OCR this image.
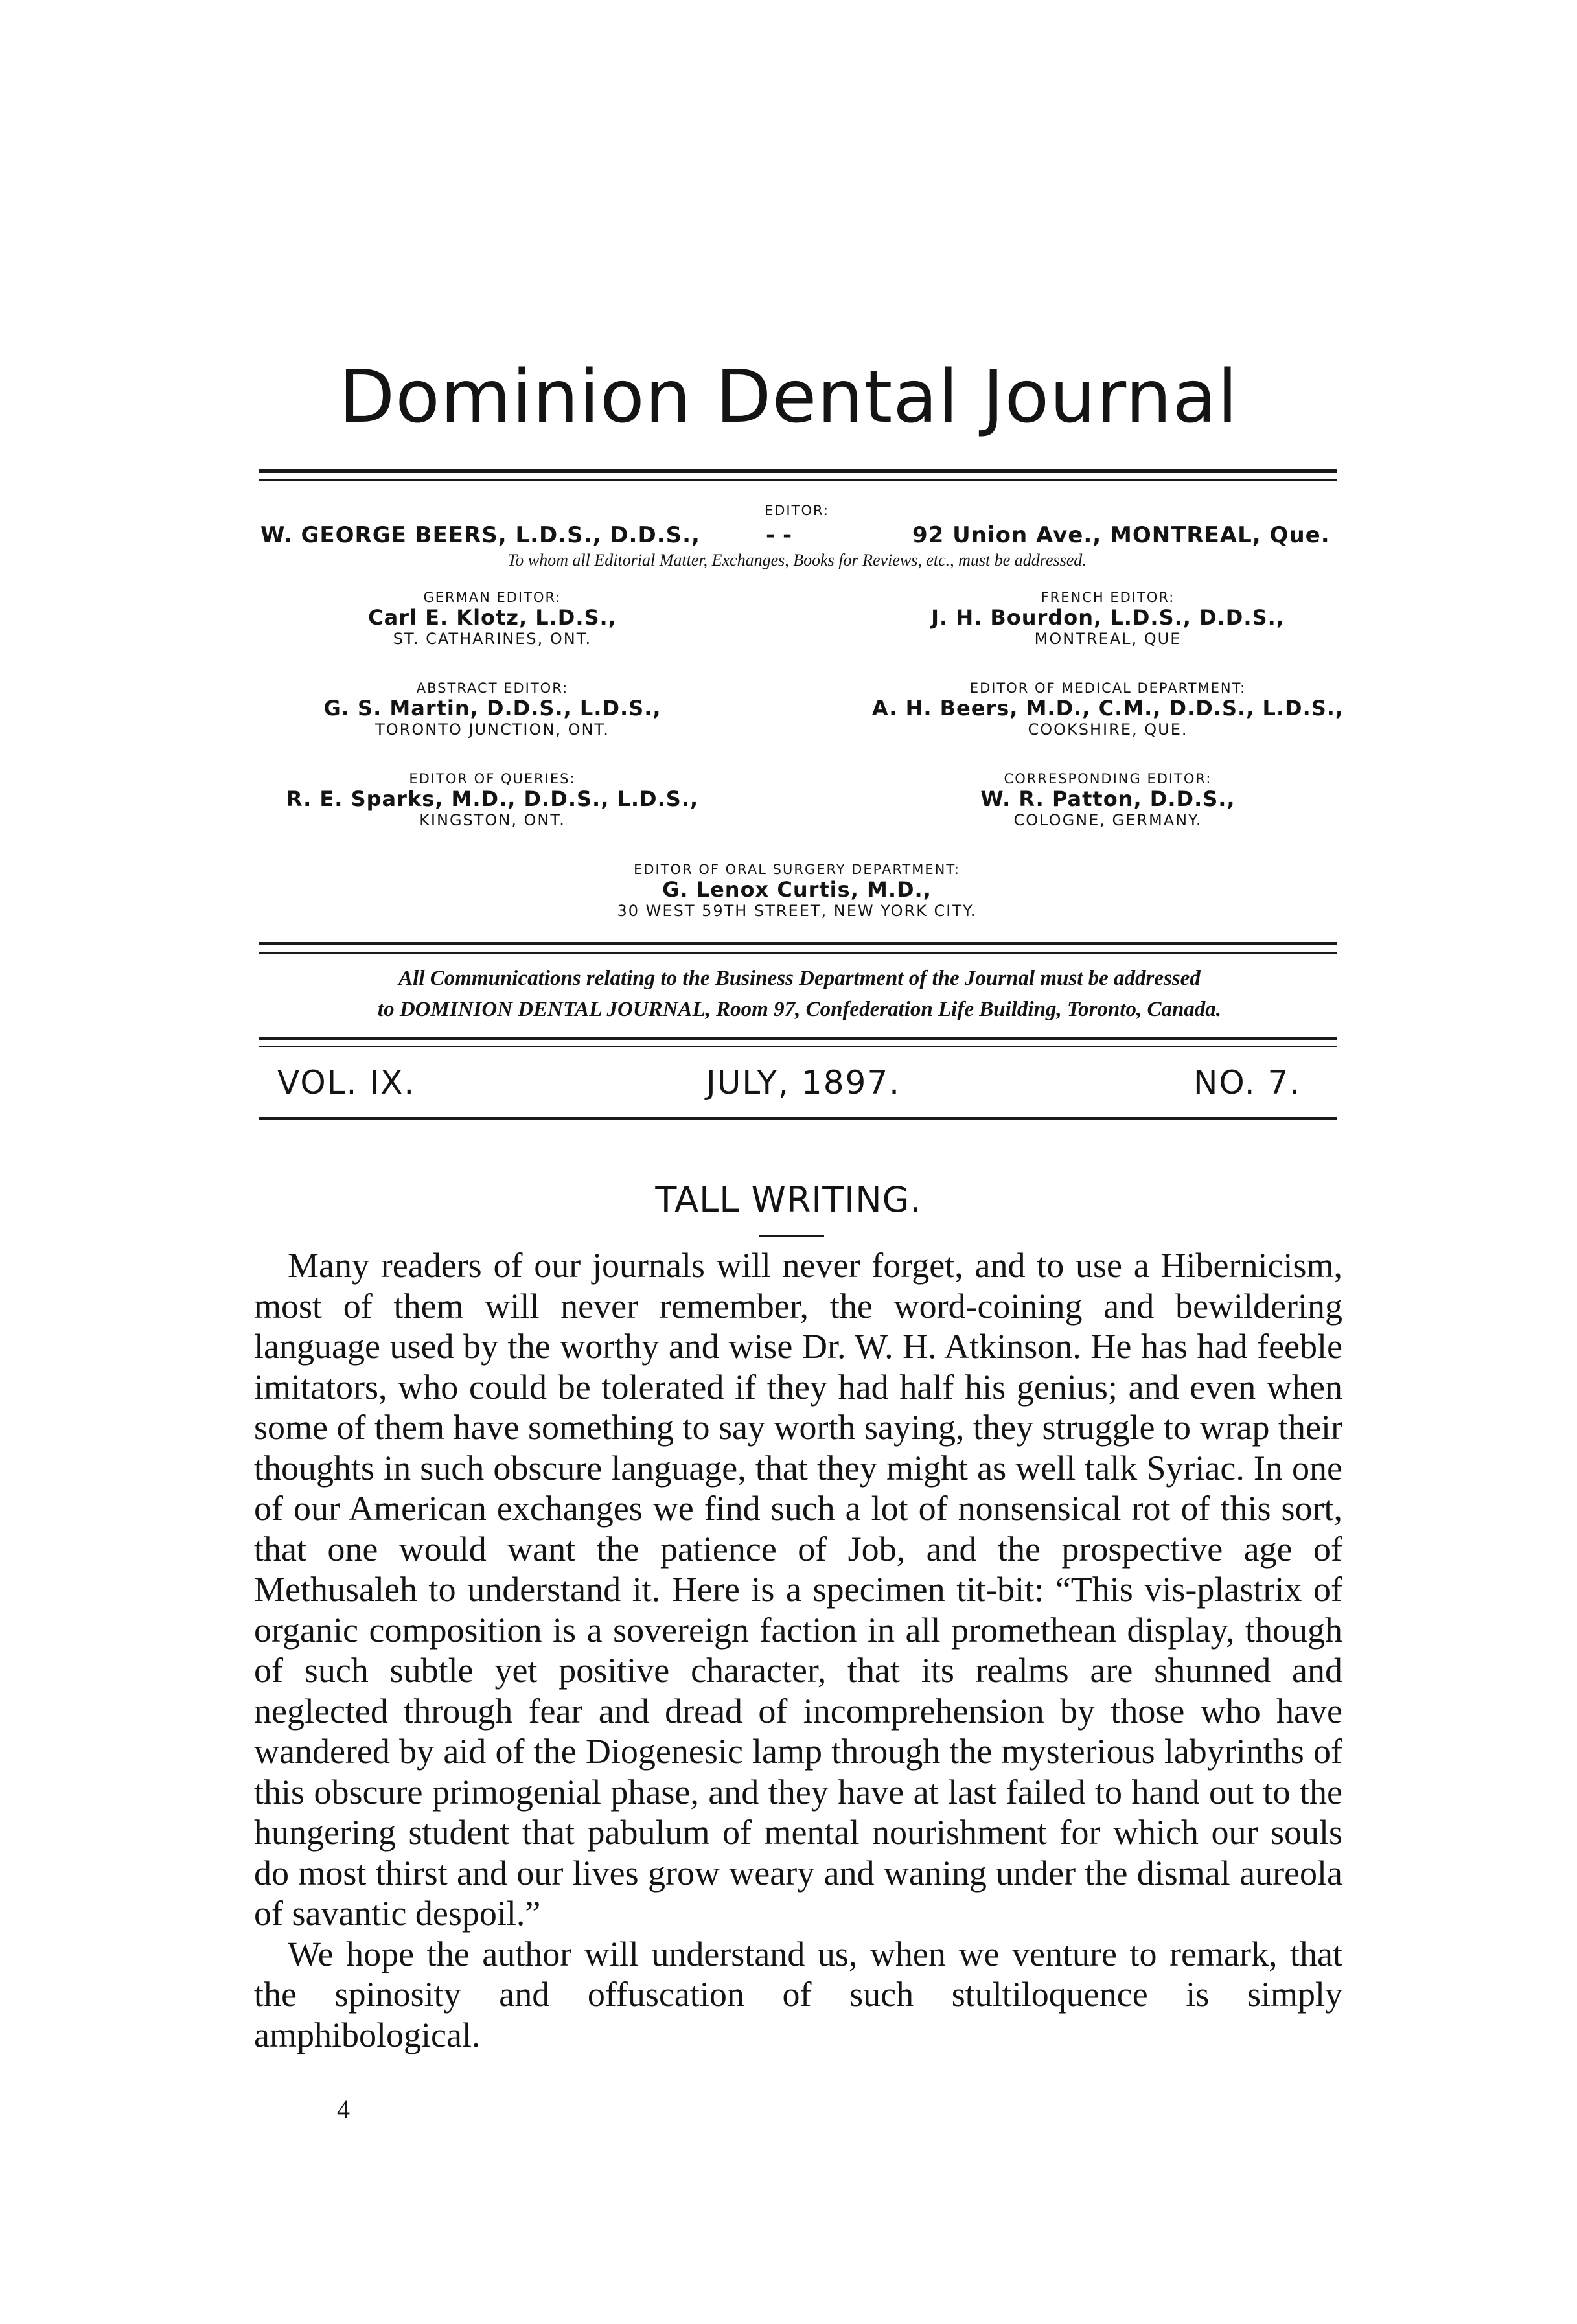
Dominion Dental Journal
EDITOR:
W. GEORGE BEERS, L.D.S., D.D.S.,	- -	92 Union Ave., MONTREAL, Que.
To whom all Editorial Matter, Exchanges, Books for Reviews, etc., must be addressed.
GERMAN EDITOR:
Carl E. Klotz, L.D.S.,
ST. CATHARINES, ONT.
FRENCH EDITOR:
J. H. Bourdon, L.D.S., D.D.S.,
MONTREAL, QUE
ABSTRACT EDITOR:
G. S. Martin, D.D.S., L.D.S.,
TORONTO JUNCTION, ONT.
EDITOR OF MEDICAL DEPARTMENT:
A. H. Beers, M.D., C.M., D.D.S., L.D.S.,
COOKSHIRE, QUE.
EDITOR OF QUERIES:
R. E. Sparks, M.D., D.D.S., L.D.S.,
KINGSTON, ONT.
CORRESPONDING EDITOR:
W. R. Patton, D.D.S.,
COLOGNE, GERMANY.
EDITOR OF ORAL SURGERY DEPARTMENT:
G. Lenox Curtis, M.D.,
30 WEST 59TH STREET, NEW YORK CITY.
All Communications relating to the Business Department of the Journal must be addressed
to DOMINION DENTAL JOURNAL, Room 97, Confederation Life Building, Toronto, Canada.
VOL. IX.	JULY, 1897.	NO. 7.
TALL WRITING.

Many readers of our journals will never forget, and to use a Hibernicism, most of them will never remember, the word-coining and bewildering language used by the worthy and wise Dr. W. H. Atkinson. He has had feeble imitators, who could be tolerated if they had half his genius; and even when some of them have something to say worth saying, they struggle to wrap their thoughts in such obscure language, that they might as well talk Syriac. In one of our American exchanges we find such a lot of nonsensical rot of this sort, that one would want the patience of Job, and the prospective age of Methusaleh to understand it. Here is a specimen tit-bit: “This vis-plastrix of organic composition is a sovereign faction in all promethean display, though of such subtle yet positive character, that its realms are shunned and neglected through fear and dread of incomprehension by those who have wandered by aid of the Diogenesic lamp through the mysterious labyrinths of this obscure primogenial phase, and they have at last failed to hand out to the hungering student that pabulum of mental nourishment for which our souls do most thirst and our lives grow weary and waning under the dismal aureola of savantic despoil.”

We hope the author will understand us, when we venture to remark, that the spinosity and offuscation of such stultiloquence is simply amphibological.

4
